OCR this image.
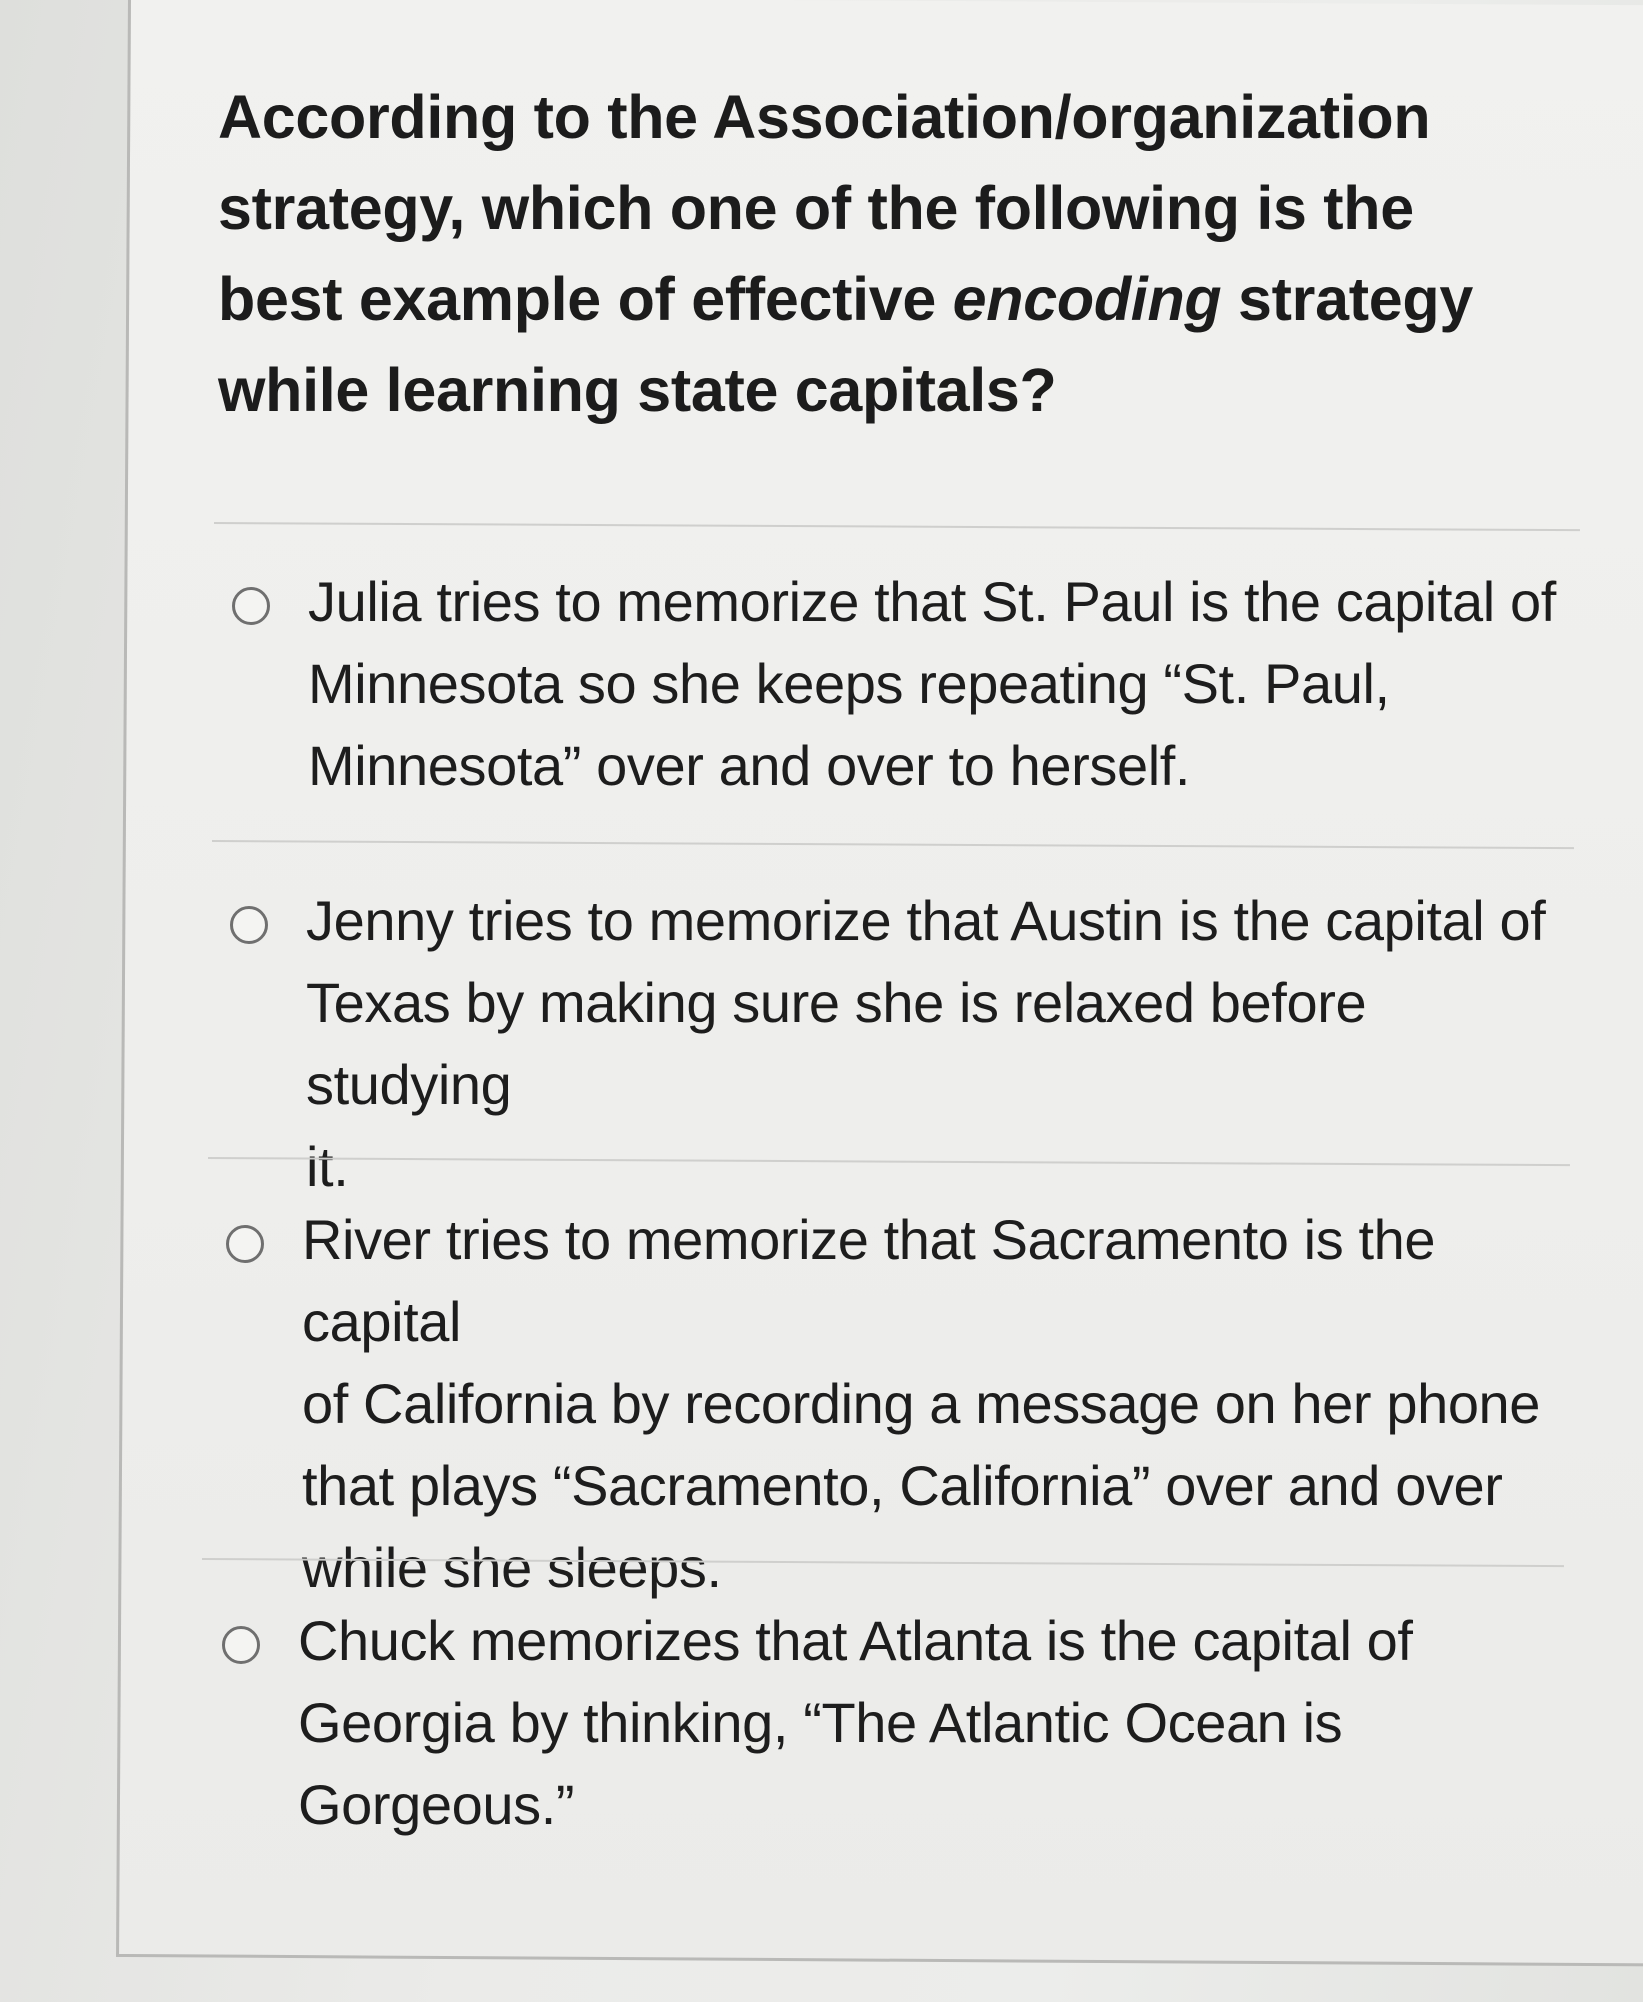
According to the Association/organization strategy, which one of the following is the best example of effective encoding strategy while learning state capitals?

Julia tries to memorize that St. Paul is the capital of
Minnesota so she keeps repeating “St. Paul,
Minnesota” over and over to herself.
Jenny tries to memorize that Austin is the capital of
Texas by making sure she is relaxed before studying
it.
River tries to memorize that Sacramento is the capital
of California by recording a message on her phone
that plays “Sacramento, California” over and over
while she sleeps.
Chuck memorizes that Atlanta is the capital of
Georgia by thinking, “The Atlantic Ocean is
Gorgeous.”
